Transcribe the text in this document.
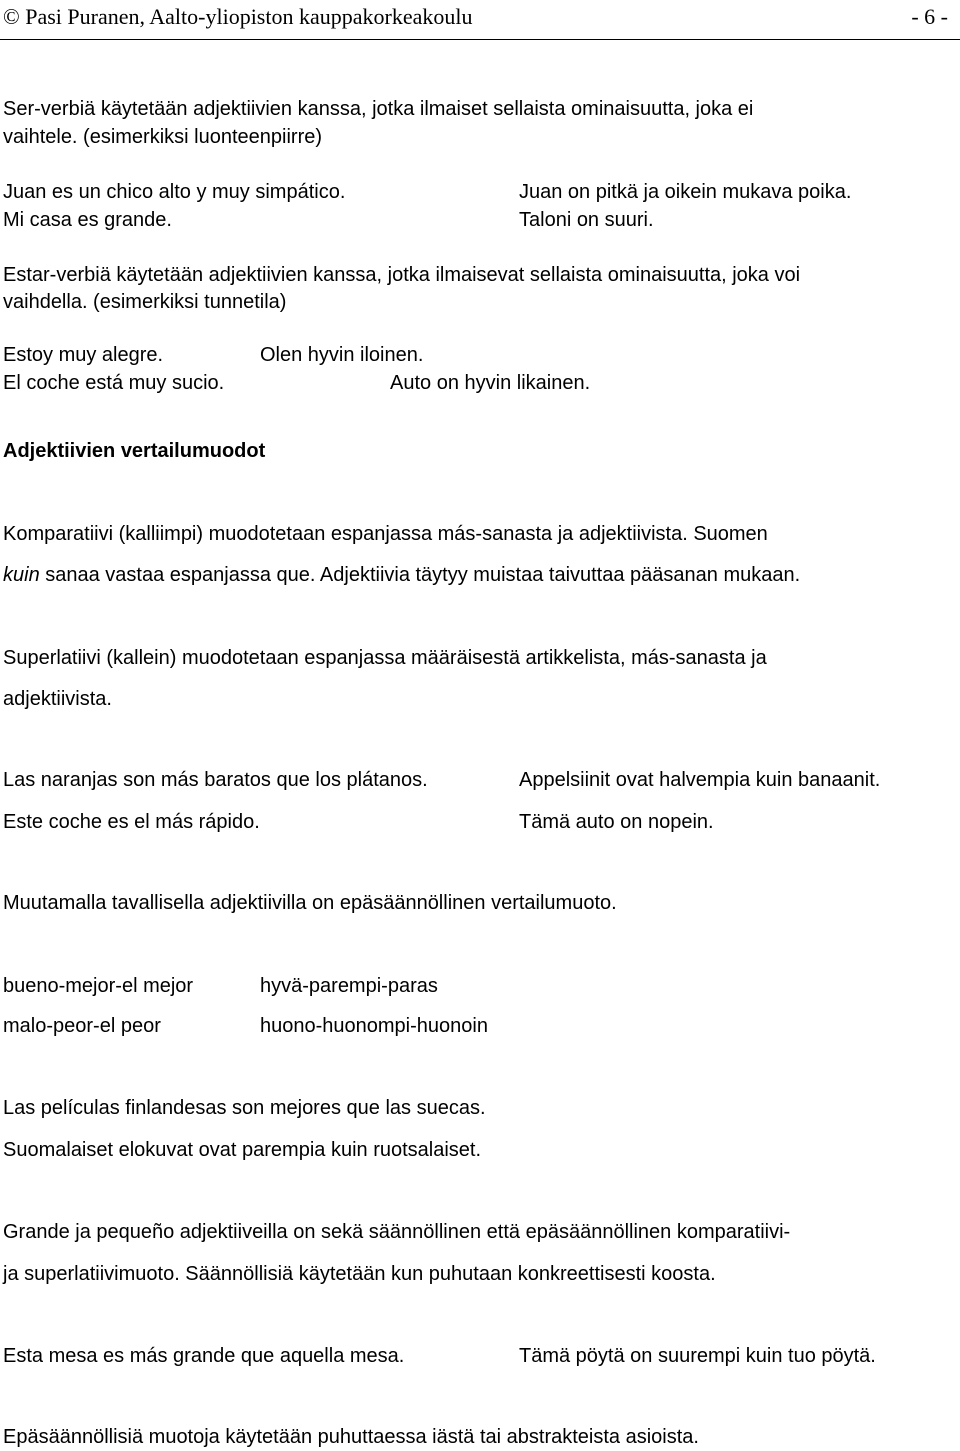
© Pasi Puranen, Aalto-yliopiston kauppakorkeakoulu	- 6 -
Ser-verbiä käytetään adjektiivien kanssa, jotka ilmaiset sellaista ominaisuutta, joka ei
vaihtele. (esimerkiksi luonteenpiirre)
Juan es un chico alto y muy simpático.	Juan on pitkä ja oikein mukava poika.
Mi casa es grande.	Taloni on suuri.
Estar-verbiä käytetään adjektiivien kanssa, jotka ilmaisevat sellaista ominaisuutta, joka voi
vaihdella. (esimerkiksi tunnetila)
Estoy muy alegre.	Olen hyvin iloinen.
El coche está muy sucio.	Auto on hyvin likainen.
Adjektiivien vertailumuodot
Komparatiivi (kalliimpi) muodotetaan espanjassa más-sanasta ja adjektiivista. Suomen
kuin sanaa vastaa espanjassa que. Adjektiivia täytyy muistaa taivuttaa pääsanan mukaan.
Superlatiivi (kallein) muodotetaan espanjassa määräisestä artikkelista, más-sanasta ja
adjektiivista.
Las naranjas son más baratos que los plátanos.	Appelsiinit ovat halvempia kuin banaanit.
Este coche es el más rápido.	Tämä auto on nopein.
Muutamalla tavallisella adjektiivilla on epäsäännöllinen vertailumuoto.
bueno-mejor-el mejor	hyvä-parempi-paras
malo-peor-el peor	huono-huonompi-huonoin
Las películas finlandesas son mejores que las suecas.
Suomalaiset elokuvat ovat parempia kuin ruotsalaiset.
Grande ja pequeño adjektiiveilla on sekä säännöllinen että epäsäännöllinen komparatiivi-
ja superlatiivimuoto. Säännöllisiä käytetään kun puhutaan konkreettisesti koosta.
Esta mesa es más grande que aquella mesa.	Tämä pöytä on suurempi kuin tuo pöytä.
Epäsäännöllisiä muotoja käytetään puhuttaessa iästä tai abstrakteista asioista.
